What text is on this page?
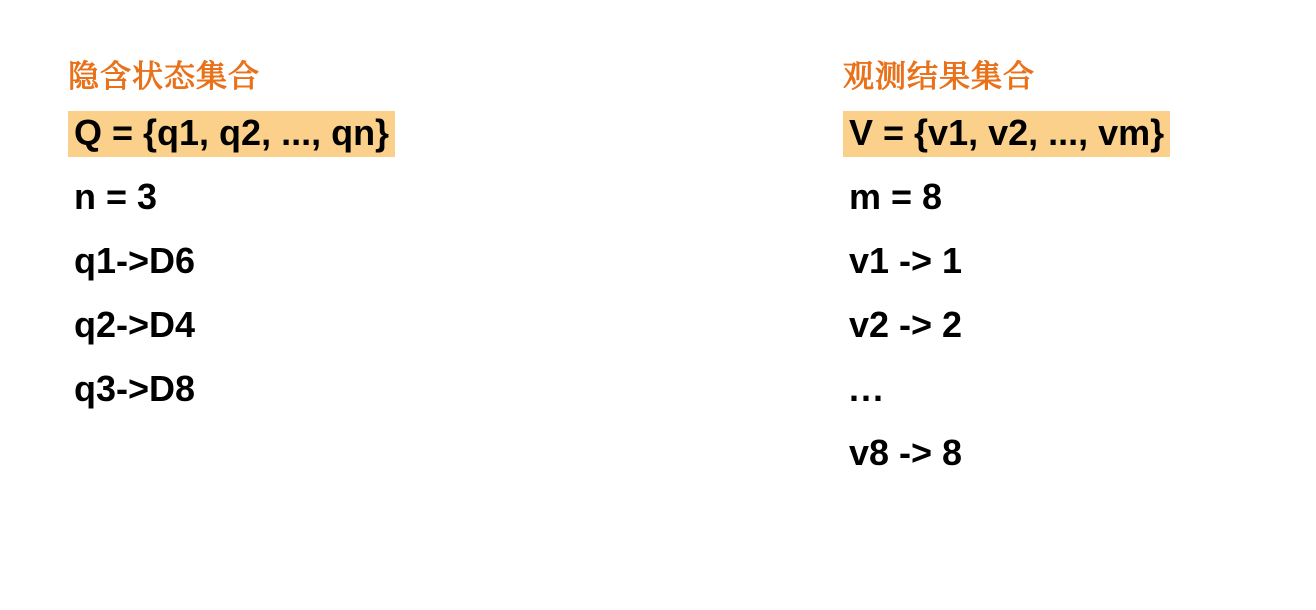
隐含状态集合
Q = {q1, q2, ..., qn}
n = 3
q1->D6
q2->D4
q3->D8
观测结果集合
V = {v1, v2, ..., vm}
m = 8
v1 -> 1
v2 -> 2
...
v8 -> 8
